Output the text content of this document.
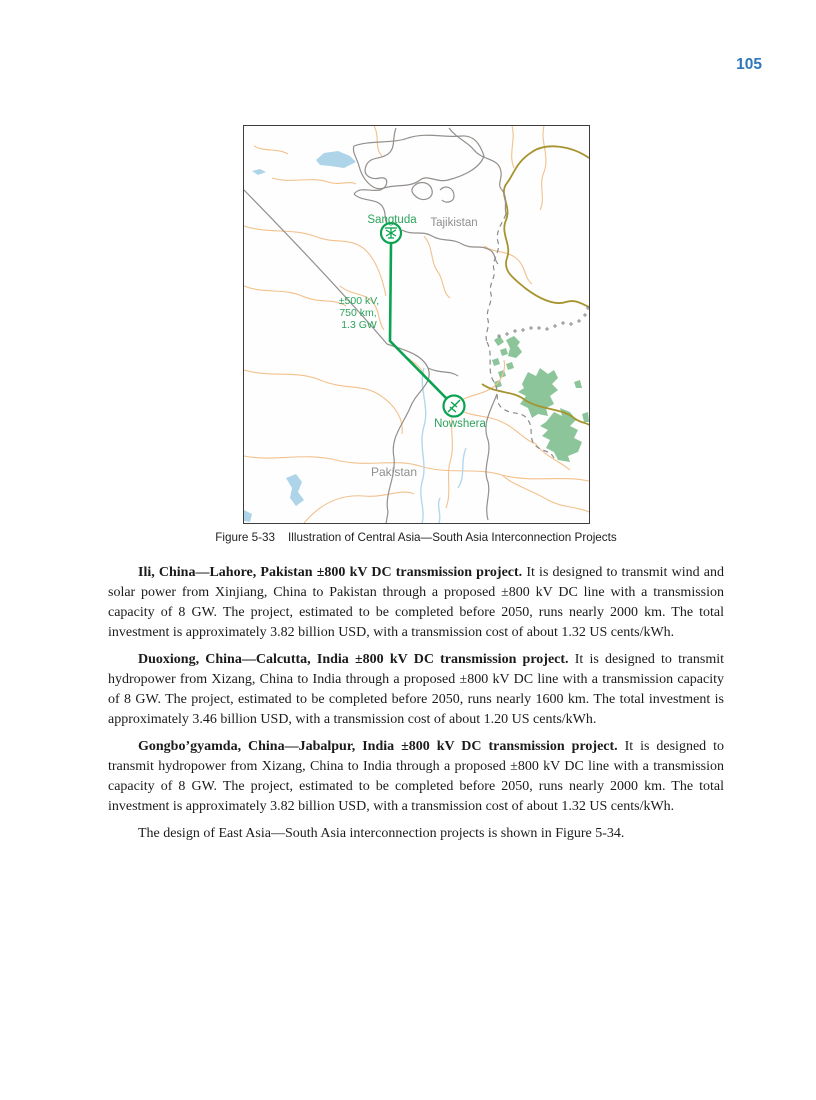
105
Sangtuda Tajikistan
±500 kV,
750 km,
1.3 GW
Nowshera
Pakistan
Figure 5-33 Illustration of Central Asia—South Asia Interconnection Projects

Ili, China—Lahore, Pakistan ±800 kV DC transmission project. It is designed to transmit wind and solar power from Xinjiang, China to Pakistan through a proposed ±800 kV DC line with a transmission capacity of 8 GW. The project, estimated to be completed before 2050, runs nearly 2000 km. The total investment is approximately 3.82 billion USD, with a transmission cost of about 1.32 US cents/kWh.

Duoxiong, China—Calcutta, India ±800 kV DC transmission project. It is designed to transmit hydropower from Xizang, China to India through a proposed ±800 kV DC line with a transmission capacity of 8 GW. The project, estimated to be completed before 2050, runs nearly 1600 km. The total investment is approximately 3.46 billion USD, with a transmission cost of about 1.20 US cents/kWh.

Gongbo’gyamda, China—Jabalpur, India ±800 kV DC transmission project. It is designed to transmit hydropower from Xizang, China to India through a proposed ±800 kV DC line with a transmission capacity of 8 GW. The project, estimated to be completed before 2050, runs nearly 2000 km. The total investment is approximately 3.82 billion USD, with a transmission cost of about 1.32 US cents/kWh.

The design of East Asia—South Asia interconnection projects is shown in Figure 5-34.
